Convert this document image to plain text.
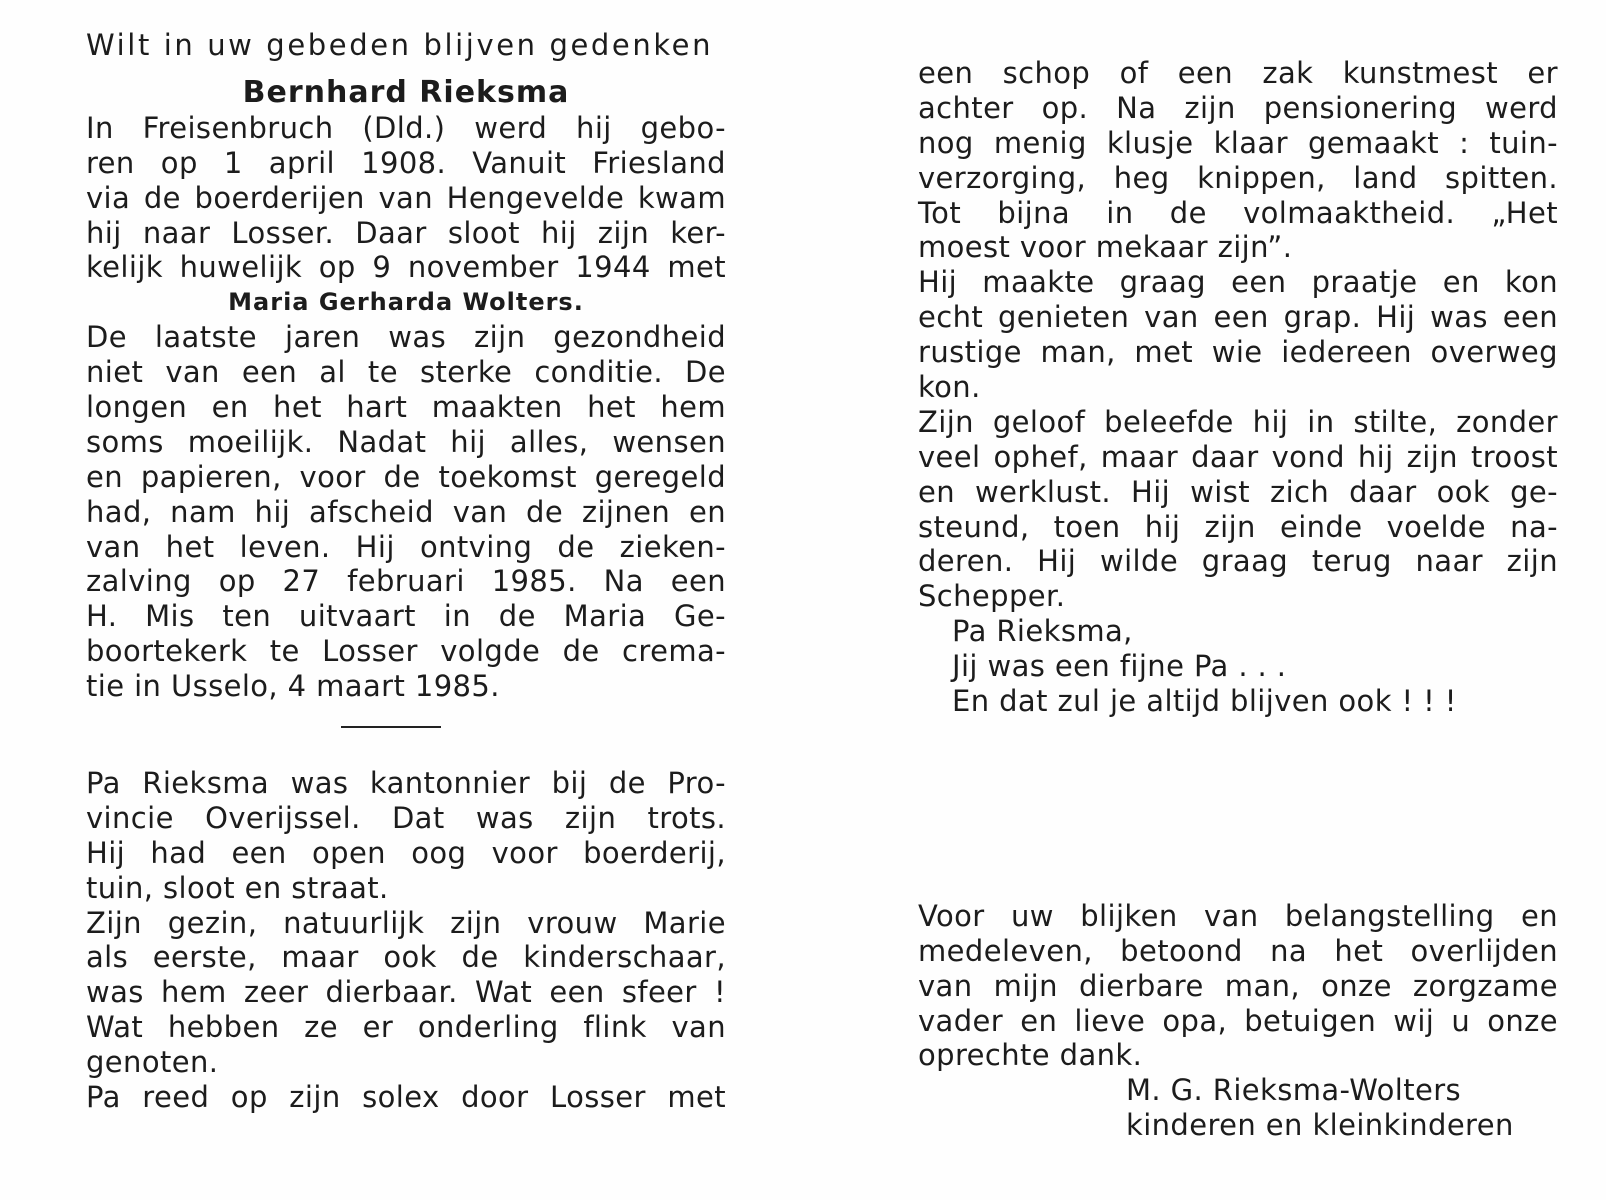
Wilt in uw gebeden blijven gedenken
Bernhard Rieksma
In Freisenbruch (Dld.) werd hij gebo-
ren op 1 april 1908. Vanuit Friesland
via de boerderijen van Hengevelde kwam
hij naar Losser. Daar sloot hij zijn ker-
kelijk huwelijk op 9 november 1944 met
Maria Gerharda Wolters.
De laatste jaren was zijn gezondheid
niet van een al te sterke conditie. De
longen en het hart maakten het hem
soms moeilijk. Nadat hij alles, wensen
en papieren, voor de toekomst geregeld
had, nam hij afscheid van de zijnen en
van het leven. Hij ontving de zieken-
zalving op 27 februari 1985. Na een
H. Mis ten uitvaart in de Maria Ge-
boortekerk te Losser volgde de crema-
tie in Usselo, 4 maart 1985.
Pa Rieksma was kantonnier bij de Pro-
vincie Overijssel. Dat was zijn trots.
Hij had een open oog voor boerderij,
tuin, sloot en straat.
Zijn gezin, natuurlijk zijn vrouw Marie
als eerste, maar ook de kinderschaar,
was hem zeer dierbaar. Wat een sfeer !
Wat hebben ze er onderling flink van
genoten.
Pa reed op zijn solex door Losser met
een schop of een zak kunstmest er
achter op. Na zijn pensionering werd
nog menig klusje klaar gemaakt : tuin-
verzorging, heg knippen, land spitten.
Tot bijna in de volmaaktheid. „Het
moest voor mekaar zijn”.
Hij maakte graag een praatje en kon
echt genieten van een grap. Hij was een
rustige man, met wie iedereen overweg
kon.
Zijn geloof beleefde hij in stilte, zonder
veel ophef, maar daar vond hij zijn troost
en werklust. Hij wist zich daar ook ge-
steund, toen hij zijn einde voelde na-
deren. Hij wilde graag terug naar zijn
Schepper.
Pa Rieksma,
Jij was een fijne Pa . . .
En dat zul je altijd blijven ook ! ! !
Voor uw blijken van belangstelling en
medeleven, betoond na het overlijden
van mijn dierbare man, onze zorgzame
vader en lieve opa, betuigen wij u onze
oprechte dank.
M. G. Rieksma-Wolters
kinderen en kleinkinderen
